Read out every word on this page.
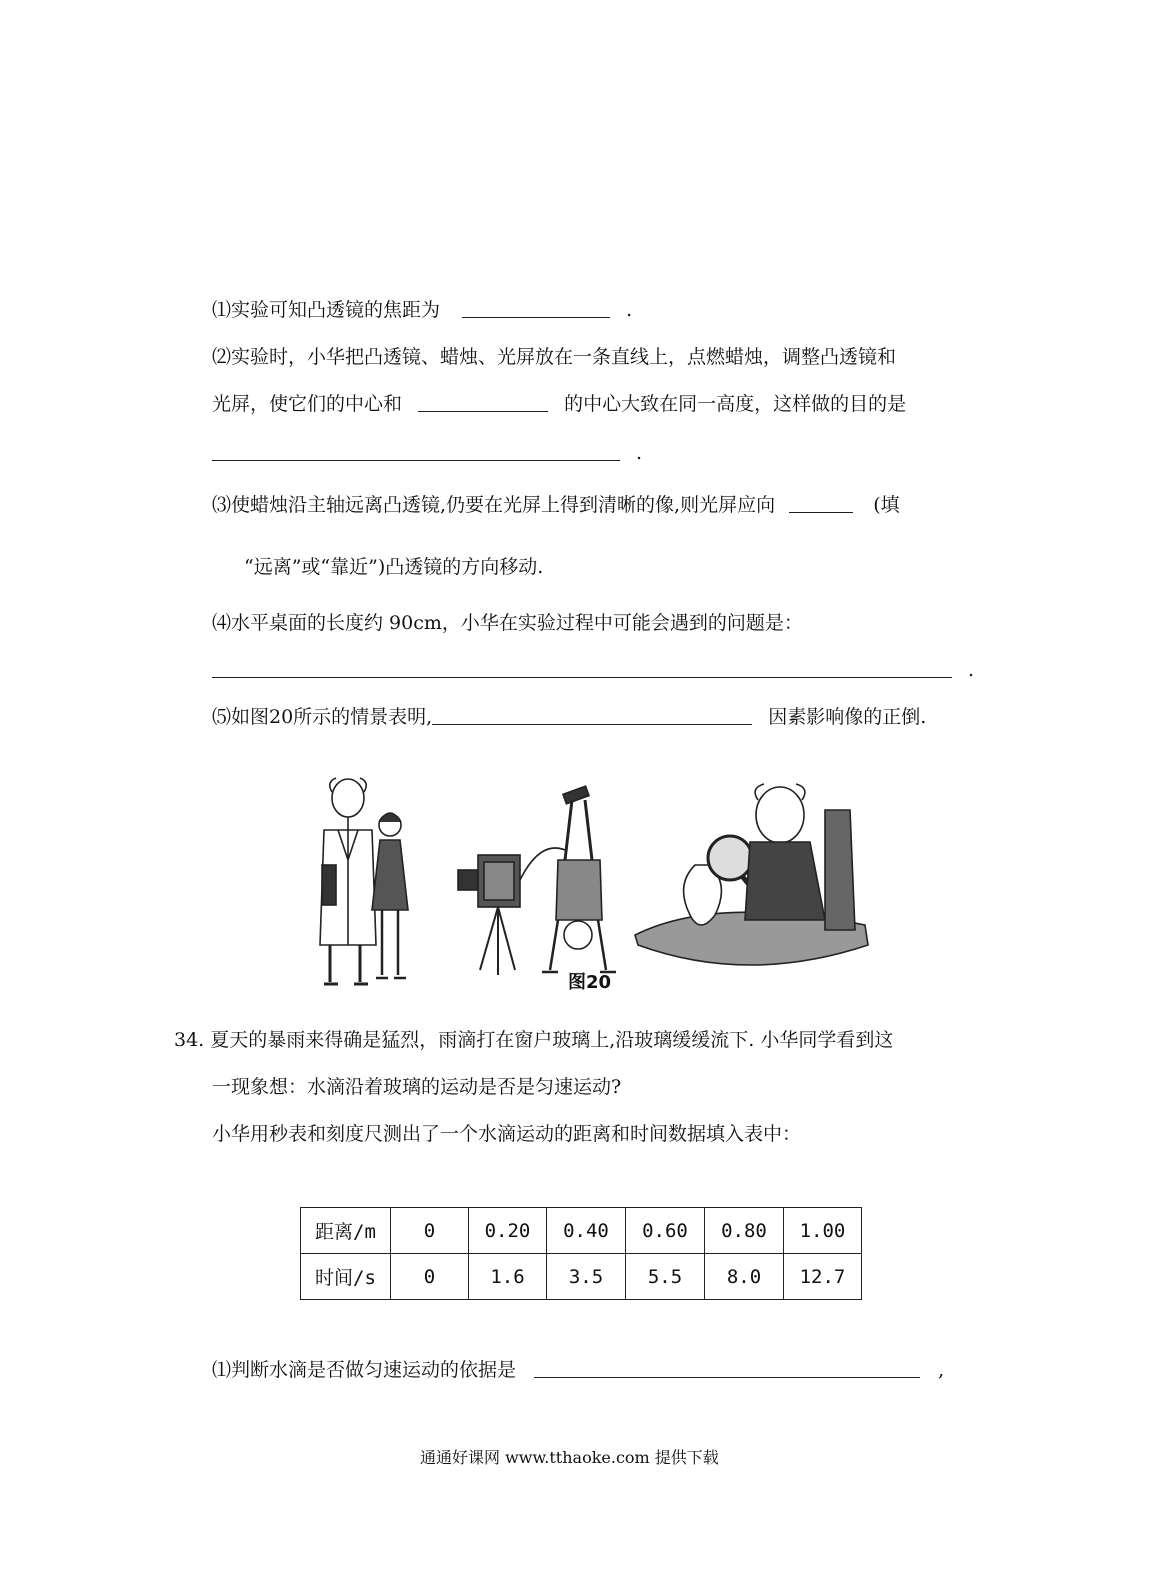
⑴实验可知凸透镜的焦距为	.
⑵实验时，小华把凸透镜、蜡烛、光屏放在一条直线上，点燃蜡烛，调整凸透镜和
光屏，使它们的中心和	的中心大致在同一高度，这样做的目的是
.
⑶使蜡烛沿主轴远离凸透镜,仍要在光屏上得到清晰的像,则光屏应向	(填
“远离”或“靠近”)凸透镜的方向移动.
⑷水平桌面的长度约 90cm，小华在实验过程中可能会遇到的问题是：
.
⑸如图20所示的情景表明,	因素影响像的正倒.
图20
34. 夏天的暴雨来得确是猛烈，雨滴打在窗户玻璃上,沿玻璃缓缓流下. 小华同学看到这
一现象想：水滴沿着玻璃的运动是否是匀速运动?
小华用秒表和刻度尺测出了一个水滴运动的距离和时间数据填入表中：
距离/m	0	0.20	0.40	0.60	0.80	1.00
时间/s	0	1.6	3.5	5.5	8.0	12.7
⑴判断水滴是否做匀速运动的依据是	,
通通好课网 www.tthaoke.com 提供下载
